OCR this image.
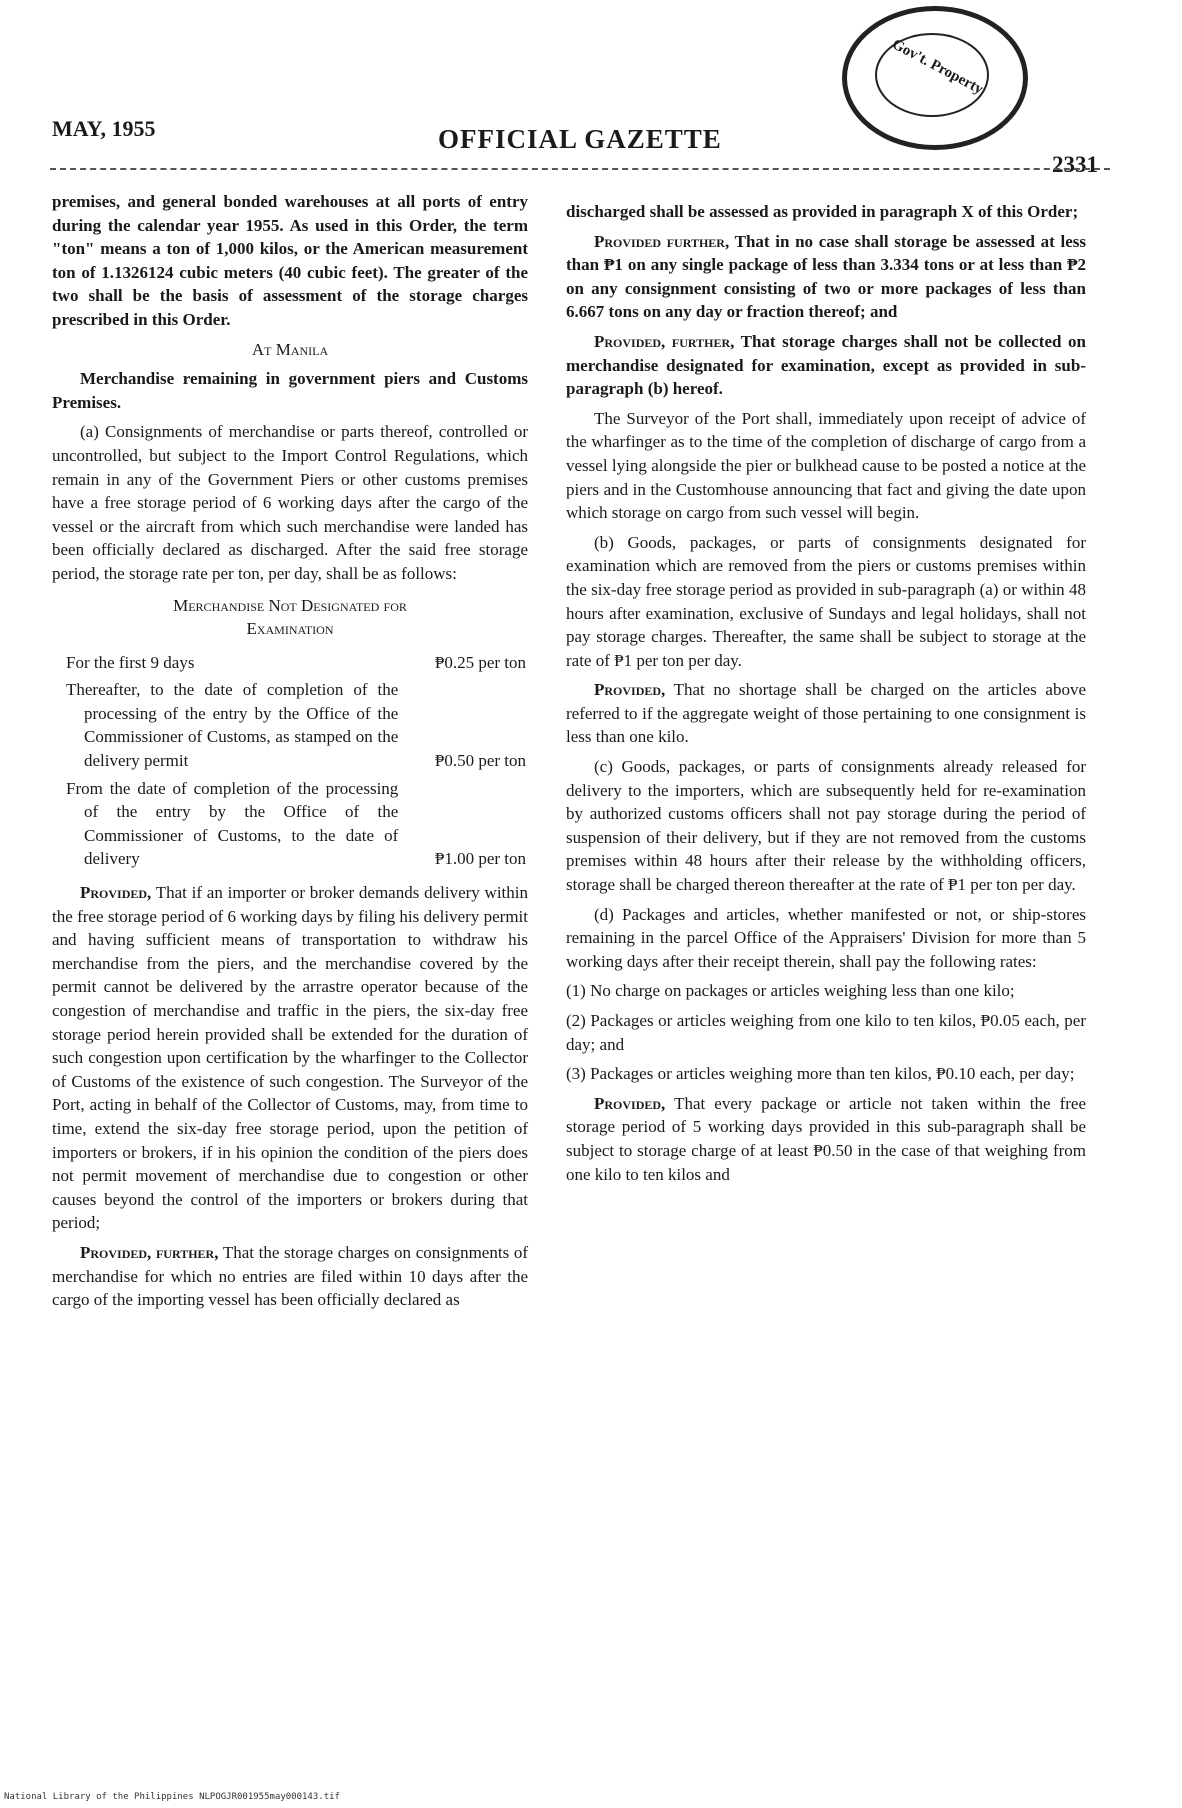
MAY, 1955	OFFICIAL GAZETTE
2331
Gov't. Property

premises, and general bonded warehouses at all ports of entry during the calendar year 1955. As used in this Order, the term "ton" means a ton of 1,000 kilos, or the American measurement ton of 1.1326124 cubic meters (40 cubic feet). The greater of the two shall be the basis of assessment of the storage charges prescribed in this Order.

At Manila

Merchandise remaining in government piers and Customs Premises.

(a) Consignments of merchandise or parts thereof, controlled or uncontrolled, but subject to the Import Control Regulations, which remain in any of the Government Piers or other customs premises have a free storage period of 6 working days after the cargo of the vessel or the aircraft from which such merchandise were landed has been officially declared as discharged. After the said free storage period, the storage rate per ton, per day, shall be as follows:

Merchandise Not Designated for
Examination
For the first 9 days	₱0.25 per ton
Thereafter, to the date of completion of the processing of the entry by the Office of the Commissioner of Customs, as stamped on the delivery permit	₱0.50 per ton
From the date of completion of the processing of the entry by the Office of the Commissioner of Customs, to the date of delivery	₱1.00 per ton

Provided, That if an importer or broker demands delivery within the free storage period of 6 working days by filing his delivery permit and having sufficient means of transportation to withdraw his merchandise from the piers, and the merchandise covered by the permit cannot be delivered by the arrastre operator because of the congestion of merchandise and traffic in the piers, the six-day free storage period herein provided shall be extended for the duration of such congestion upon certification by the wharfinger to the Collector of Customs of the existence of such congestion. The Surveyor of the Port, acting in behalf of the Collector of Customs, may, from time to time, extend the six-day free storage period, upon the petition of importers or brokers, if in his opinion the condition of the piers does not permit movement of merchandise due to congestion or other causes beyond the control of the importers or brokers during that period;

Provided, further, That the storage charges on consignments of merchandise for which no entries are filed within 10 days after the cargo of the importing vessel has been officially declared as

discharged shall be assessed as provided in paragraph X of this Order;

Provided further, That in no case shall storage be assessed at less than ₱1 on any single package of less than 3.334 tons or at less than ₱2 on any consignment consisting of two or more packages of less than 6.667 tons on any day or fraction thereof; and

Provided, further, That storage charges shall not be collected on merchandise designated for examination, except as provided in sub-paragraph (b) hereof.

The Surveyor of the Port shall, immediately upon receipt of advice of the wharfinger as to the time of the completion of discharge of cargo from a vessel lying alongside the pier or bulkhead cause to be posted a notice at the piers and in the Customhouse announcing that fact and giving the date upon which storage on cargo from such vessel will begin.

(b) Goods, packages, or parts of consignments designated for examination which are removed from the piers or customs premises within the six-day free storage period as provided in sub-paragraph (a) or within 48 hours after examination, exclusive of Sundays and legal holidays, shall not pay storage charges. Thereafter, the same shall be subject to storage at the rate of ₱1 per ton per day.

Provided, That no shortage shall be charged on the articles above referred to if the aggregate weight of those pertaining to one consignment is less than one kilo.

(c) Goods, packages, or parts of consignments already released for delivery to the importers, which are subsequently held for re-examination by authorized customs officers shall not pay storage during the period of suspension of their delivery, but if they are not removed from the customs premises within 48 hours after their release by the withholding officers, storage shall be charged thereon thereafter at the rate of ₱1 per ton per day.

(d) Packages and articles, whether manifested or not, or ship-stores remaining in the parcel Office of the Appraisers' Division for more than 5 working days after their receipt therein, shall pay the following rates:

(1) No charge on packages or articles weighing less than one kilo;

(2) Packages or articles weighing from one kilo to ten kilos, ₱0.05 each, per day; and

(3) Packages or articles weighing more than ten kilos, ₱0.10 each, per day;

Provided, That every package or article not taken within the free storage period of 5 working days provided in this sub-paragraph shall be subject to storage charge of at least ₱0.50 in the case of that weighing from one kilo to ten kilos and

National Library of the Philippines NLPOGJR001955may000143.tif
